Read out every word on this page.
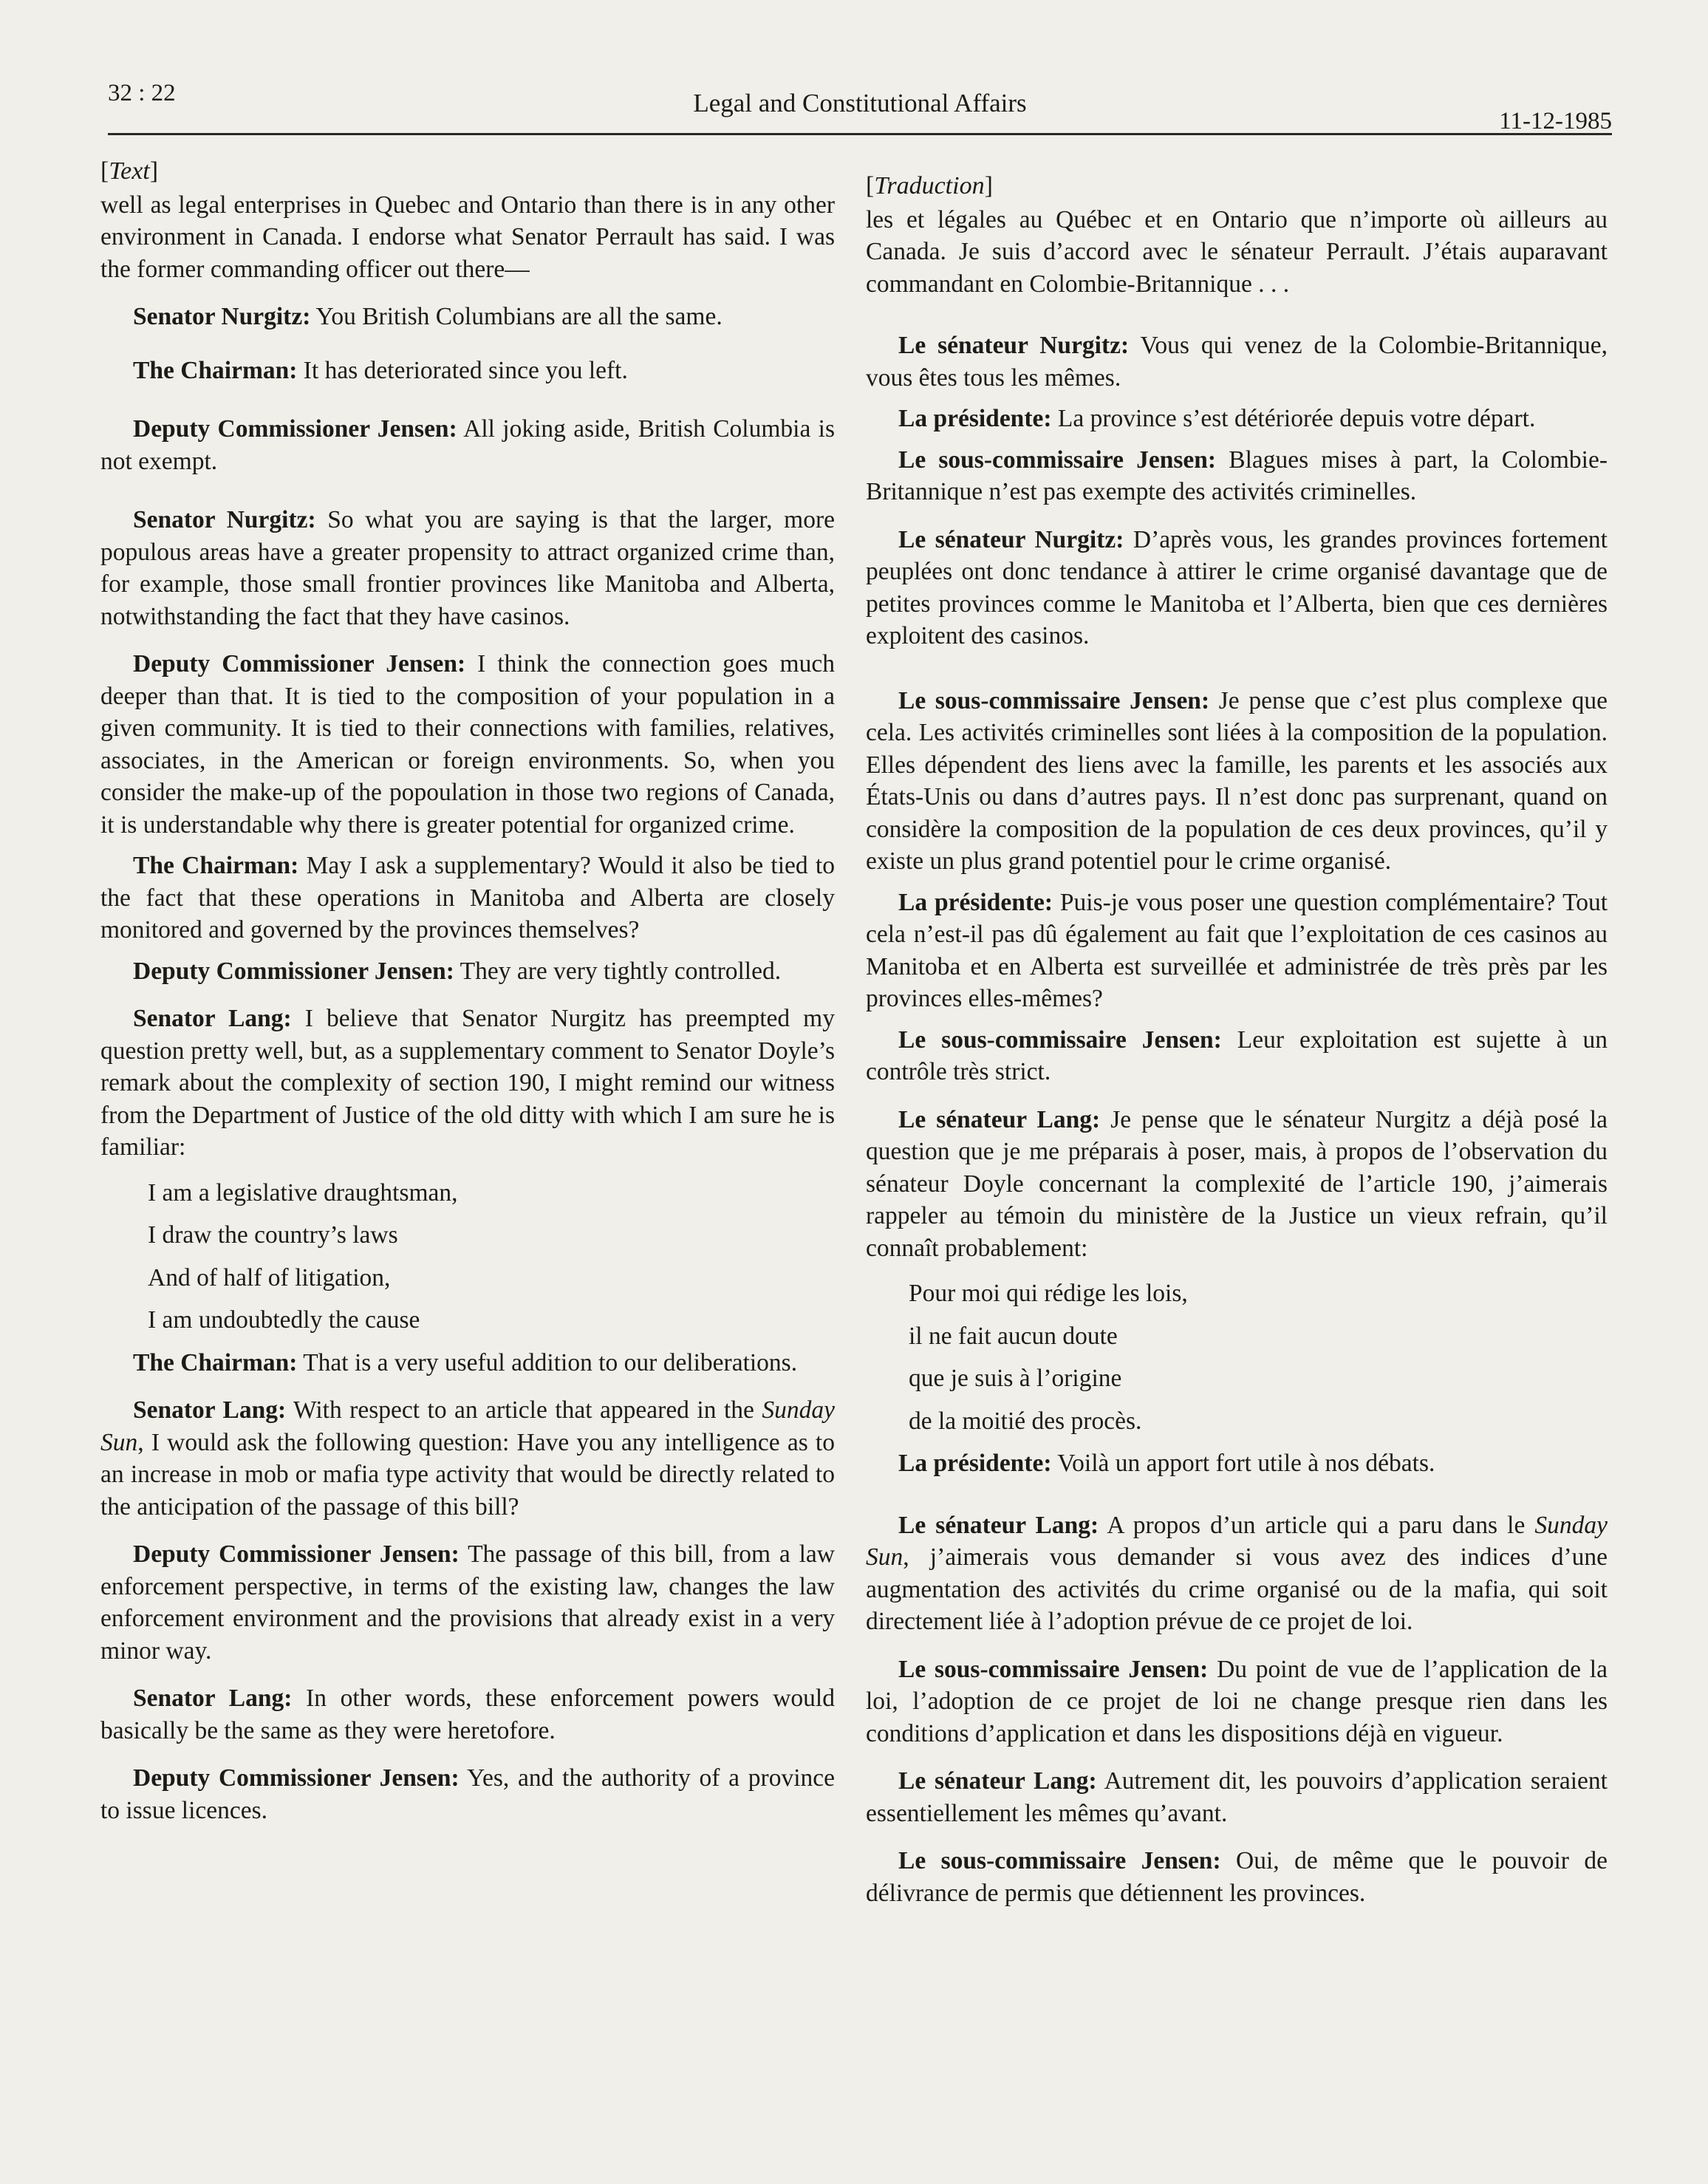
32 : 22	Legal and Constitutional Affairs
11-12-1985
[Text]

well as legal enterprises in Quebec and Ontario than there is in any other environment in Canada. I endorse what Senator Perrault has said. I was the former commanding officer out there—

Senator Nurgitz: You British Columbians are all the same.

The Chairman: It has deteriorated since you left.

Deputy Commissioner Jensen: All joking aside, British Columbia is not exempt.

Senator Nurgitz: So what you are saying is that the larger, more populous areas have a greater propensity to attract organized crime than, for example, those small frontier provinces like Manitoba and Alberta, notwithstanding the fact that they have casinos.

Deputy Commissioner Jensen: I think the connection goes much deeper than that. It is tied to the composition of your population in a given community. It is tied to their connections with families, relatives, associates, in the American or foreign environments. So, when you consider the make-up of the popoulation in those two regions of Canada, it is understandable why there is greater potential for organized crime.

The Chairman: May I ask a supplementary? Would it also be tied to the fact that these operations in Manitoba and Alberta are closely monitored and governed by the provinces themselves?

Deputy Commissioner Jensen: They are very tightly controlled.

Senator Lang: I believe that Senator Nurgitz has preempted my question pretty well, but, as a supplementary comment to Senator Doyle’s remark about the complexity of section 190, I might remind our witness from the Department of Justice of the old ditty with which I am sure he is familiar:

I am a legislative draughtsman,
I draw the country’s laws
And of half of litigation,
I am undoubtedly the cause

The Chairman: That is a very useful addition to our deliberations.

Senator Lang: With respect to an article that appeared in the Sunday Sun, I would ask the following question: Have you any intelligence as to an increase in mob or mafia type activity that would be directly related to the anticipation of the passage of this bill?

Deputy Commissioner Jensen: The passage of this bill, from a law enforcement perspective, in terms of the existing law, changes the law enforcement environment and the provisions that already exist in a very minor way.

Senator Lang: In other words, these enforcement powers would basically be the same as they were heretofore.

Deputy Commissioner Jensen: Yes, and the authority of a province to issue licences.

[Traduction]

les et légales au Québec et en Ontario que n’importe où ailleurs au Canada. Je suis d’accord avec le sénateur Perrault. J’étais auparavant commandant en Colombie-Britannique . . .

Le sénateur Nurgitz: Vous qui venez de la Colombie-Britannique, vous êtes tous les mêmes.

La présidente: La province s’est détériorée depuis votre départ.

Le sous-commissaire Jensen: Blagues mises à part, la Colombie-Britannique n’est pas exempte des activités criminelles.

Le sénateur Nurgitz: D’après vous, les grandes provinces fortement peuplées ont donc tendance à attirer le crime organisé davantage que de petites provinces comme le Manitoba et l’Alberta, bien que ces dernières exploitent des casinos.

Le sous-commissaire Jensen: Je pense que c’est plus complexe que cela. Les activités criminelles sont liées à la composition de la population. Elles dépendent des liens avec la famille, les parents et les associés aux États-Unis ou dans d’autres pays. Il n’est donc pas surprenant, quand on considère la composition de la population de ces deux provinces, qu’il y existe un plus grand potentiel pour le crime organisé.

La présidente: Puis-je vous poser une question complémentaire? Tout cela n’est-il pas dû également au fait que l’exploitation de ces casinos au Manitoba et en Alberta est surveillée et administrée de très près par les provinces elles-mêmes?

Le sous-commissaire Jensen: Leur exploitation est sujette à un contrôle très strict.

Le sénateur Lang: Je pense que le sénateur Nurgitz a déjà posé la question que je me préparais à poser, mais, à propos de l’observation du sénateur Doyle concernant la complexité de l’article 190, j’aimerais rappeler au témoin du ministère de la Justice un vieux refrain, qu’il connaît probablement:

Pour moi qui rédige les lois,
il ne fait aucun doute
que je suis à l’origine
de la moitié des procès.

La présidente: Voilà un apport fort utile à nos débats.

Le sénateur Lang: A propos d’un article qui a paru dans le Sunday Sun, j’aimerais vous demander si vous avez des indices d’une augmentation des activités du crime organisé ou de la mafia, qui soit directement liée à l’adoption prévue de ce projet de loi.

Le sous-commissaire Jensen: Du point de vue de l’application de la loi, l’adoption de ce projet de loi ne change presque rien dans les conditions d’application et dans les dispositions déjà en vigueur.

Le sénateur Lang: Autrement dit, les pouvoirs d’application seraient essentiellement les mêmes qu’avant.

Le sous-commissaire Jensen: Oui, de même que le pouvoir de délivrance de permis que détiennent les provinces.
